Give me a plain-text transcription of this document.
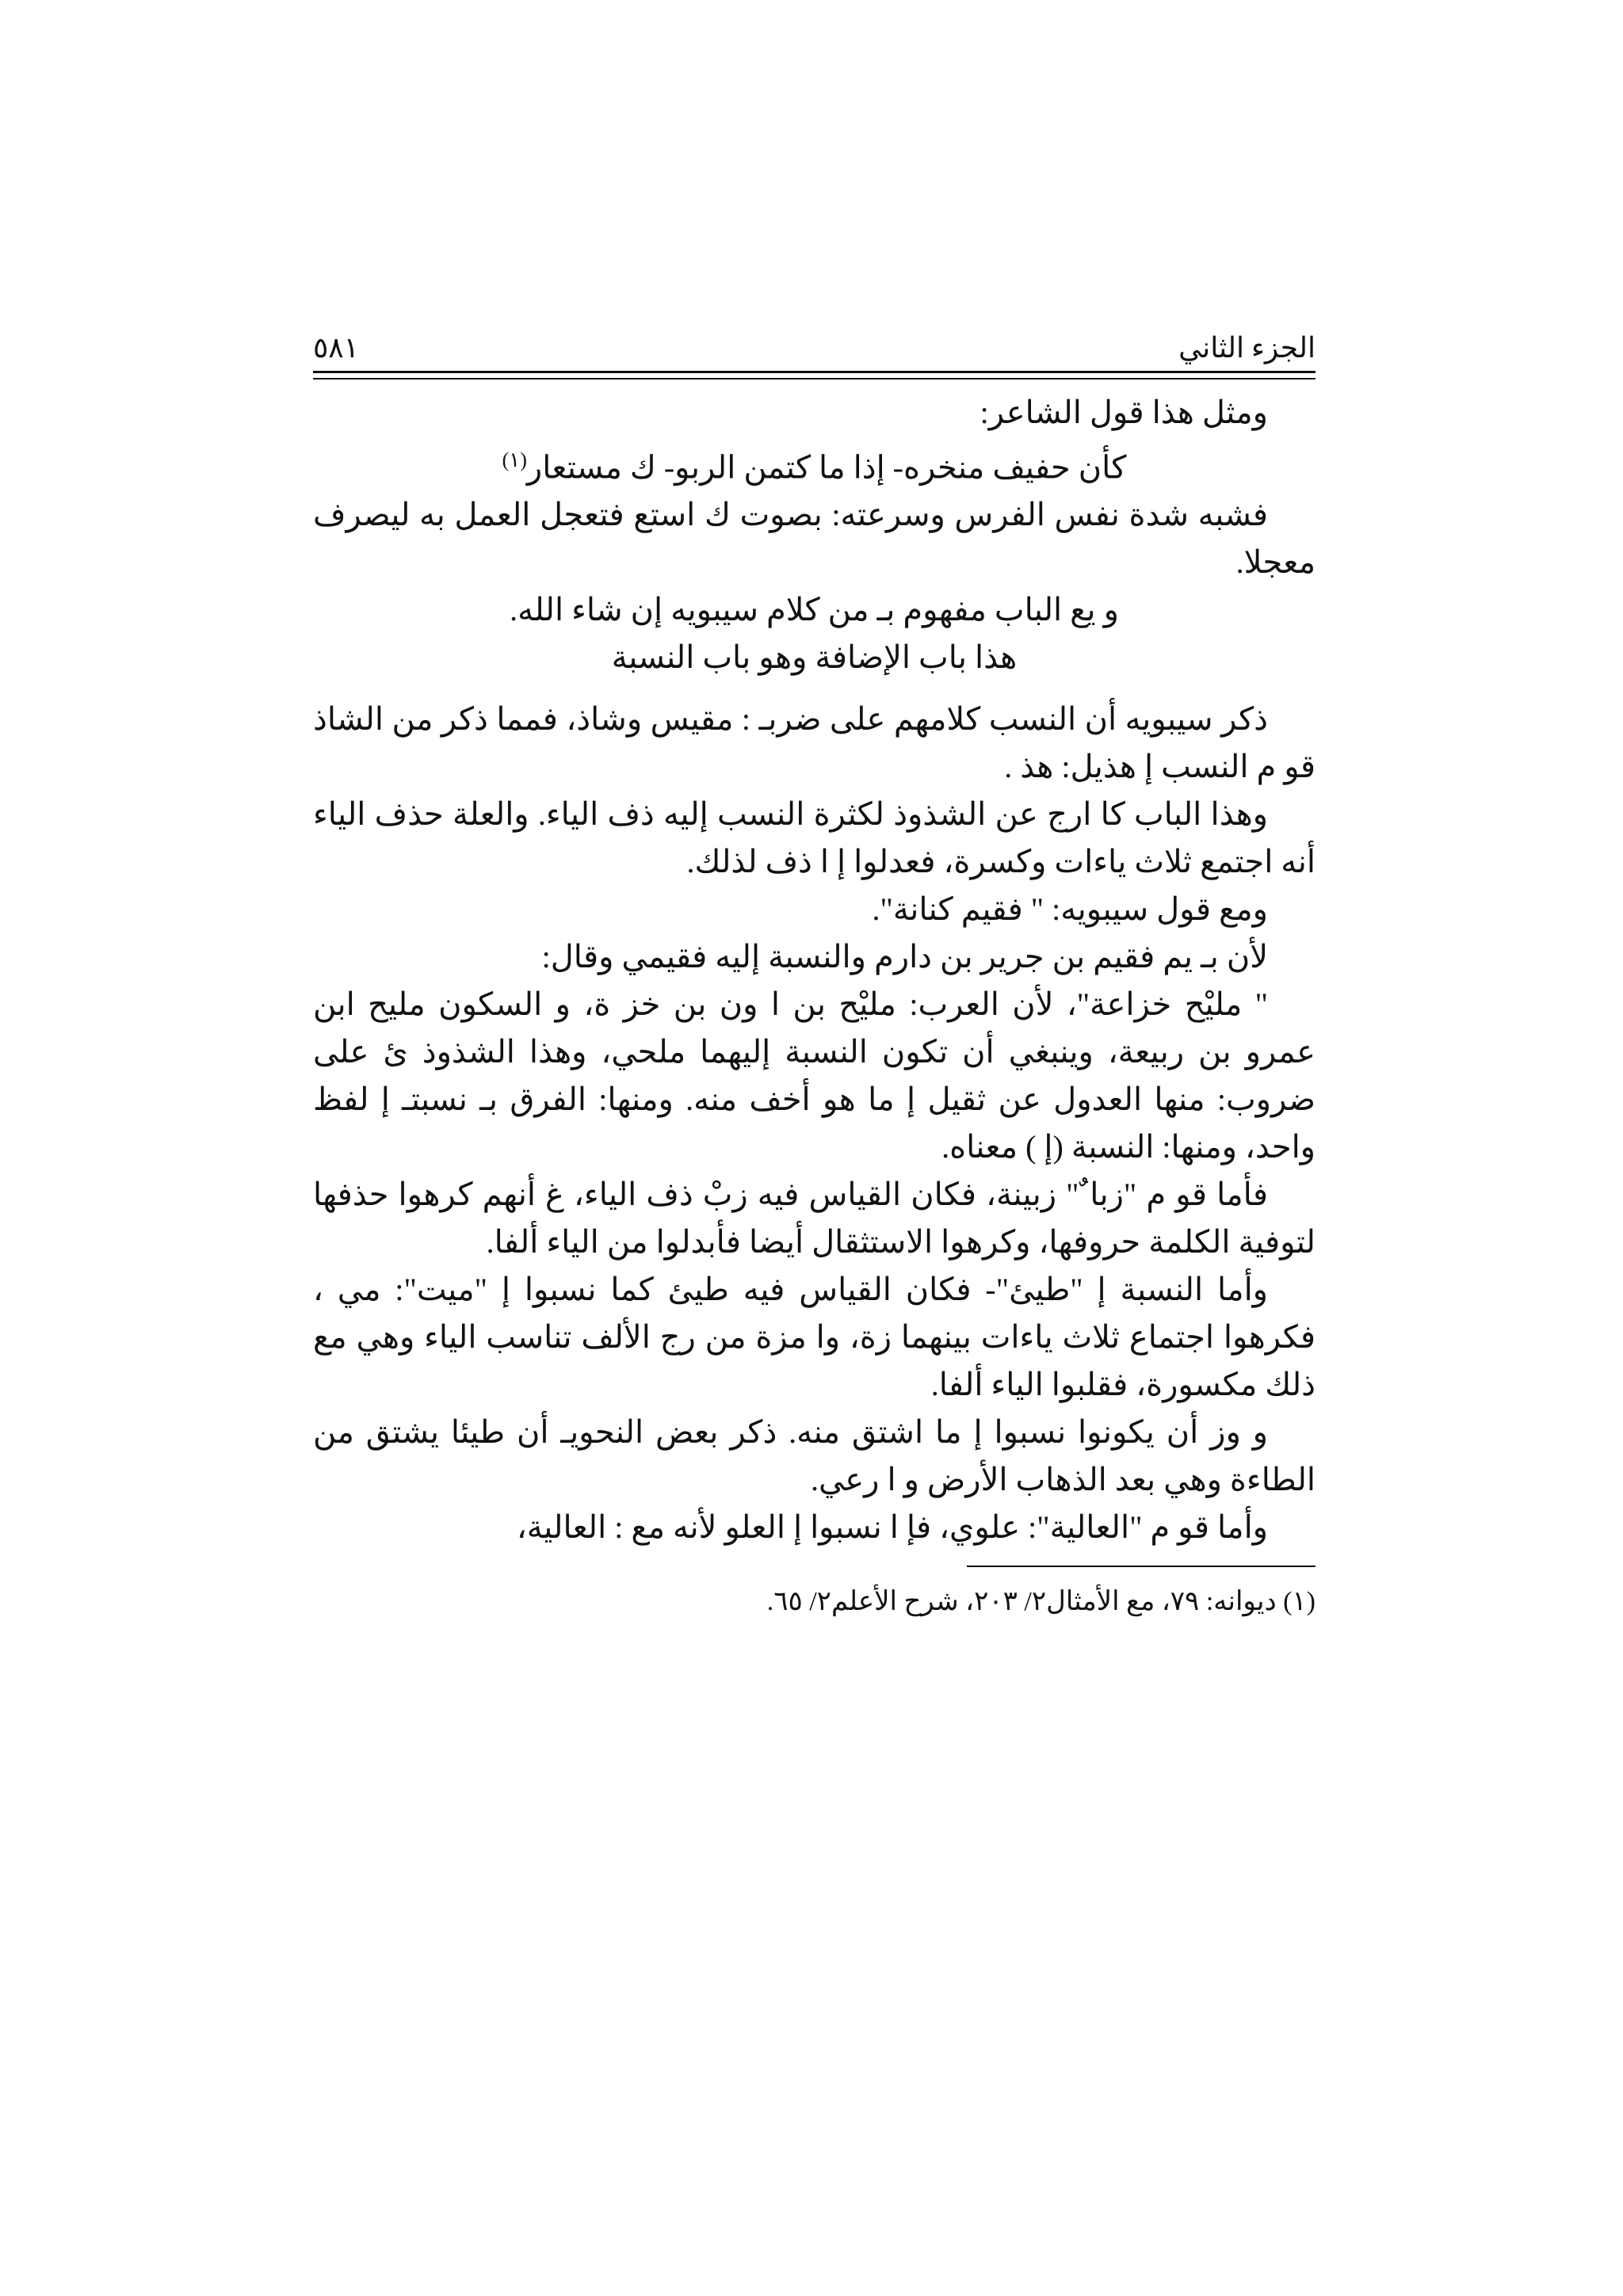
الجزء الثاني
٥٨١

ومثل هذا قول الشاعر:

كأن حفيف منخره- إذا ما كتمن الربو- ك مستعار$^{(١)}$

فشبه شدة نفس الفرس وسرعته: بصوت ك استع فتعجل العمل به ليصرف معجلا.

و يع الباب مفهوم بـ من كلام سيبويه إن شاء الله.

هذا باب الإضافة وهو باب النسبة

ذكر سيبويه أن النسب كلامهم على ضربـ : مقيس وشاذ، فمما ذكر من الشاذ قو م النسب إ هذيل: هذ .

وهذا الباب كا ارج عن الشذوذ لكثرة النسب إليه ذف الياء. والعلة حذف الياء أنه اجتمع ثلاث ياءات وكسرة، فعدلوا إ ا ذف لذلك.

ومع قول سيبويه: " فقيم كنانة".

لأن بـ يم فقيم بن جرير بن دارم والنسبة إليه فقيمي وقال:

" مليْح خزاعة"، لأن العرب: مليْح بن ا ون بن خز ة، و السكون مليح ابن عمرو بن ربيعة، وينبغي أن تكون النسبة إليهما ملحي، وهذا الشذوذ ئ على ضروب: منها العدول عن ثقيل إ ما هو أخف منه. ومنها: الفرق بـ نسبتـ إ لفظ واحد، ومنها: النسبة (إ ) معناه.

فأما قو م "زبا ٌ" زبينة، فكان القياس فيه زبْ ذف الياء، غ أنهم كرهوا حذفها لتوفية الكلمة حروفها، وكرهوا الاستثقال أيضا فأبدلوا من الياء ألفا.

وأما النسبة إ "طيئ"- فكان القياس فيه طيئ كما نسبوا إ "ميت": مي ، فكرهوا اجتماع ثلاث ياءات بينهما زة، وا مزة من رج الألف تناسب الياء وهي مع ذلك مكسورة، فقلبوا الياء ألفا.

و وز أن يكونوا نسبوا إ ما اشتق منه. ذكر بعض النحويـ أن طيئا يشتق من الطاءة وهي بعد الذهاب الأرض و ا رعي.

وأما قو م "العالية": علوي، فإ ا نسبوا إ العلو لأنه مع : العالية،

(١) ديوانه: ٧٩، مع الأمثال٢/ ٢٠٣، شرح الأعلم٢/ ٦٥.
